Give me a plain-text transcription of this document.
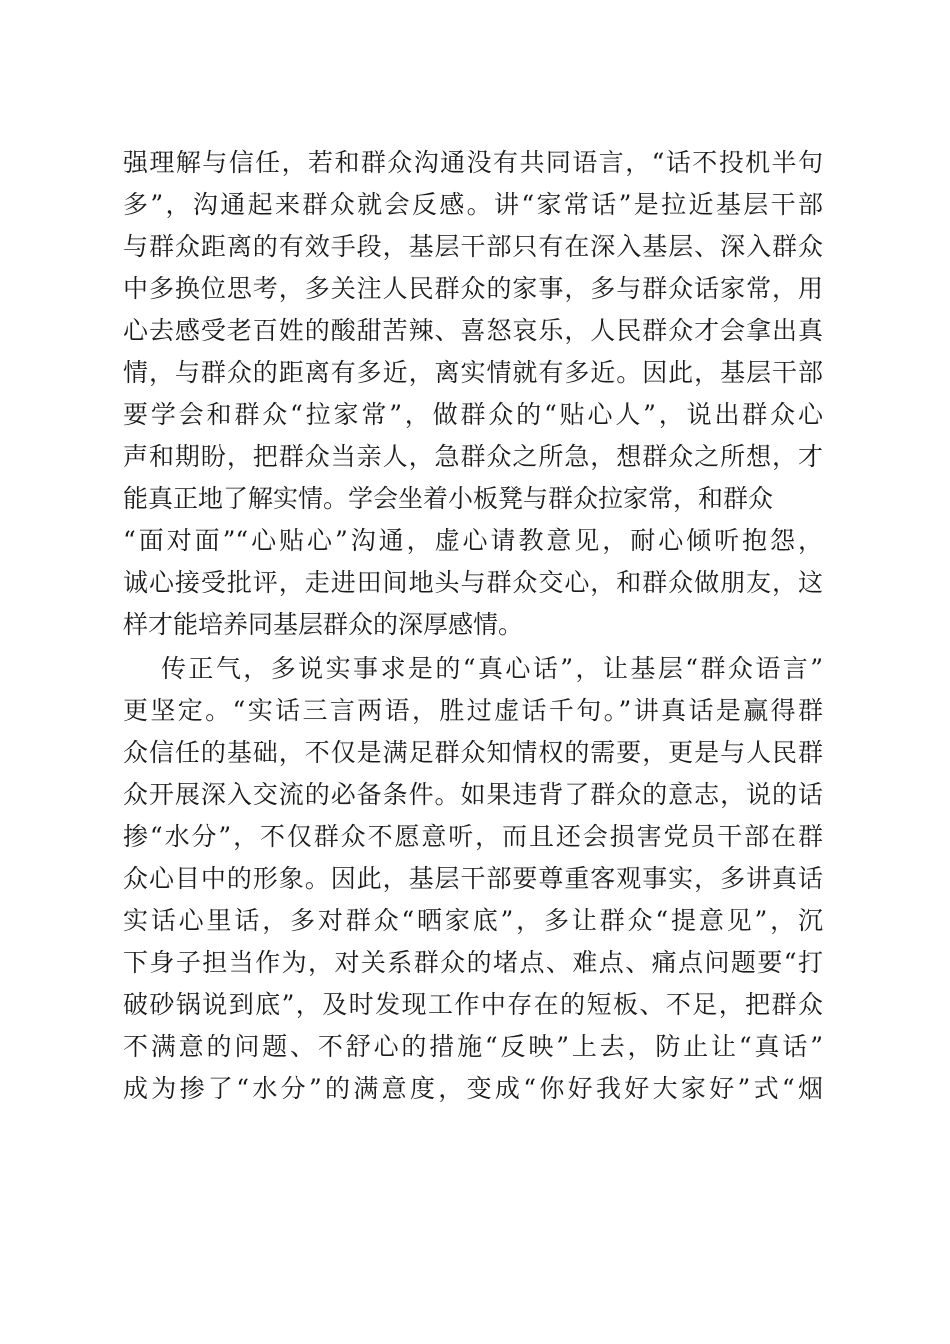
强理解与信任，若和群众沟通没有共同语言，“话不投机半句
多”，沟通起来群众就会反感。讲“家常话”是拉近基层干部
与群众距离的有效手段，基层干部只有在深入基层、深入群众
中多换位思考，多关注人民群众的家事，多与群众话家常，用
心去感受老百姓的酸甜苦辣、喜怒哀乐，人民群众才会拿出真
情，与群众的距离有多近，离实情就有多近。因此，基层干部
要学会和群众“拉家常”，做群众的“贴心人”，说出群众心
声和期盼，把群众当亲人，急群众之所急，想群众之所想，才
能真正地了解实情。学会坐着小板凳与群众拉家常，和群众
“面对面”“心贴心”沟通，虚心请教意见，耐心倾听抱怨，
诚心接受批评，走进田间地头与群众交心，和群众做朋友，这
样才能培养同基层群众的深厚感情。
传正气，多说实事求是的“真心话”，让基层“群众语言”
更坚定。“实话三言两语，胜过虚话千句。”讲真话是赢得群
众信任的基础，不仅是满足群众知情权的需要，更是与人民群
众开展深入交流的必备条件。如果违背了群众的意志，说的话
掺“水分”，不仅群众不愿意听，而且还会损害党员干部在群
众心目中的形象。因此，基层干部要尊重客观事实，多讲真话
实话心里话，多对群众“晒家底”，多让群众“提意见”，沉
下身子担当作为，对关系群众的堵点、难点、痛点问题要“打
破砂锅说到底”，及时发现工作中存在的短板、不足，把群众
不满意的问题、不舒心的措施“反映”上去，防止让“真话”
成为掺了“水分”的满意度，变成“你好我好大家好”式“烟
